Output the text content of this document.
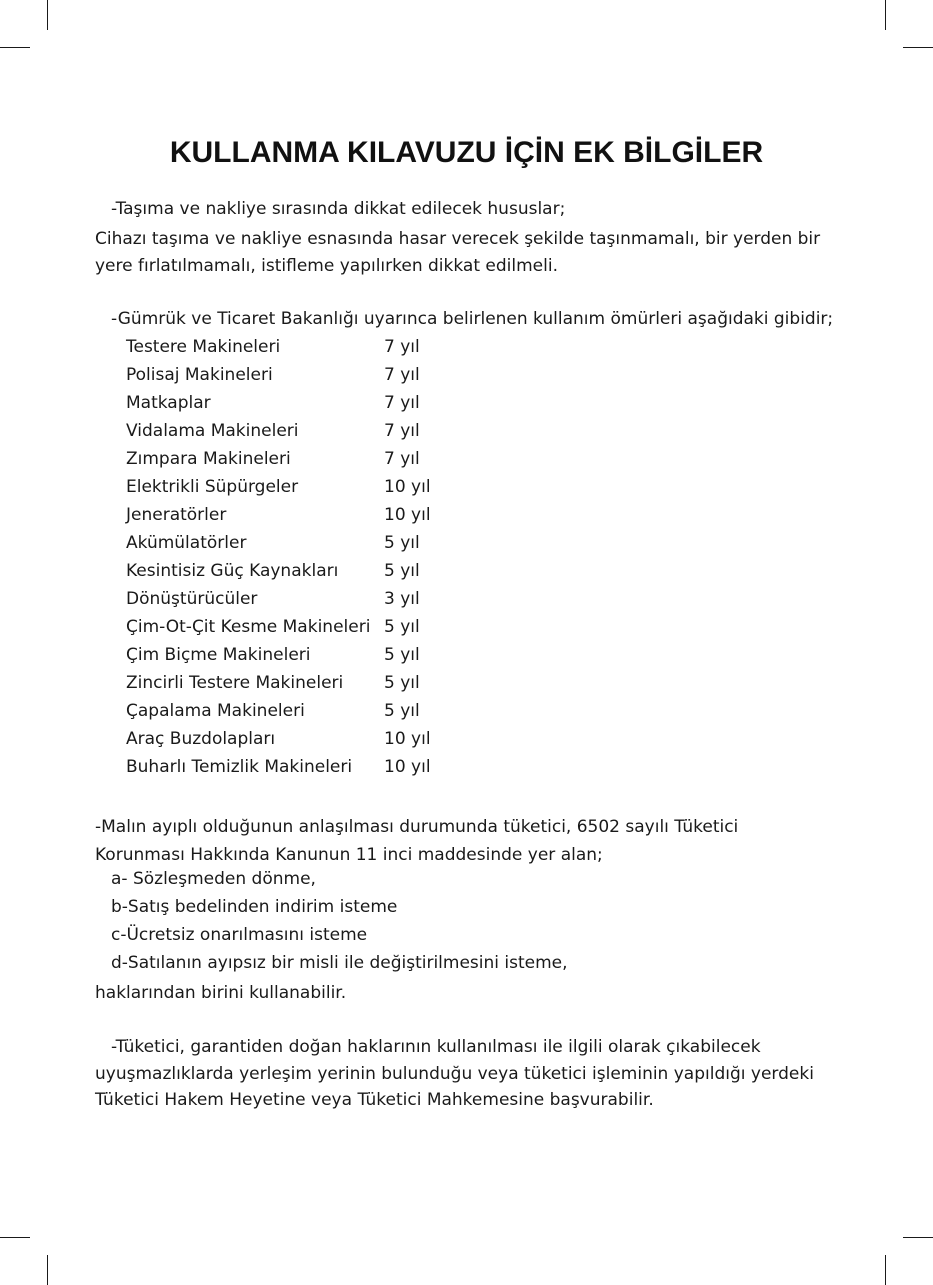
KULLANMA KILAVUZU İÇİN EK BİLGİLER
-Taşıma ve nakliye sırasında dikkat edilecek hususlar;
Cihazı taşıma ve nakliye esnasında hasar verecek şekilde taşınmamalı, bir yerden bir
yere fırlatılmamalı, istifleme yapılırken dikkat edilmeli.
-Gümrük ve Ticaret Bakanlığı uyarınca belirlenen kullanım ömürleri aşağıdaki gibidir;
Testere Makineleri	7 yıl
Polisaj Makineleri	7 yıl
Matkaplar	7 yıl
Vidalama Makineleri	7 yıl
Zımpara Makineleri	7 yıl
Elektrikli Süpürgeler	10 yıl
Jeneratörler	10 yıl
Akümülatörler	5 yıl
Kesintisiz Güç Kaynakları	5 yıl
Dönüştürücüler	3 yıl
Çim-Ot-Çit Kesme Makineleri 5 yıl
Çim Biçme Makineleri	5 yıl
Zincirli Testere Makineleri 5 yıl
Çapalama Makineleri	5 yıl
Araç Buzdolapları	10 yıl
Buharlı Temizlik Makineleri 10 yıl
-Malın ayıplı olduğunun anlaşılması durumunda tüketici, 6502 sayılı Tüketici
Korunması Hakkında Kanunun 11 inci maddesinde yer alan;
a- Sözleşmeden dönme,
b-Satış bedelinden indirim isteme
c-Ücretsiz onarılmasını isteme
d-Satılanın ayıpsız bir misli ile değiştirilmesini isteme,
haklarından birini kullanabilir.
-Tüketici, garantiden doğan haklarının kullanılması ile ilgili olarak çıkabilecek
uyuşmazlıklarda yerleşim yerinin bulunduğu veya tüketici işleminin yapıldığı yerdeki
Tüketici Hakem Heyetine veya Tüketici Mahkemesine başvurabilir.
